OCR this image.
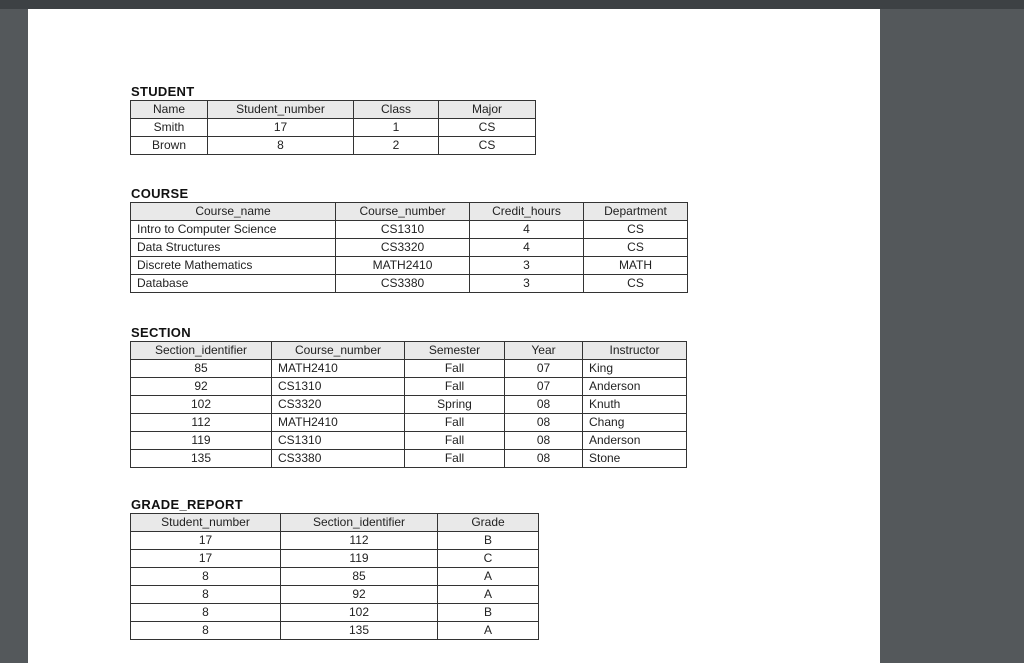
STUDENT
Name	Student_number	Class	Major
Smith	17	1	CS
Brown	8	2	CS
COURSE
Course_name	Course_number	Credit_hours	Department
Intro to Computer Science	CS1310	4	CS
Data Structures	CS3320	4	CS
Discrete Mathematics	MATH2410	3	MATH
Database	CS3380	3	CS
SECTION
Section_identifier	Course_number	Semester	Year	Instructor
85	MATH2410	Fall	07	King
92	CS1310	Fall	07	Anderson
102	CS3320	Spring	08	Knuth
112	MATH2410	Fall	08	Chang
119	CS1310	Fall	08	Anderson
135	CS3380	Fall	08	Stone
GRADE_REPORT
Student_number	Section_identifier	Grade
17	112	B
17	119	C
8	85	A
8	92	A
8	102	B
8	135	A
